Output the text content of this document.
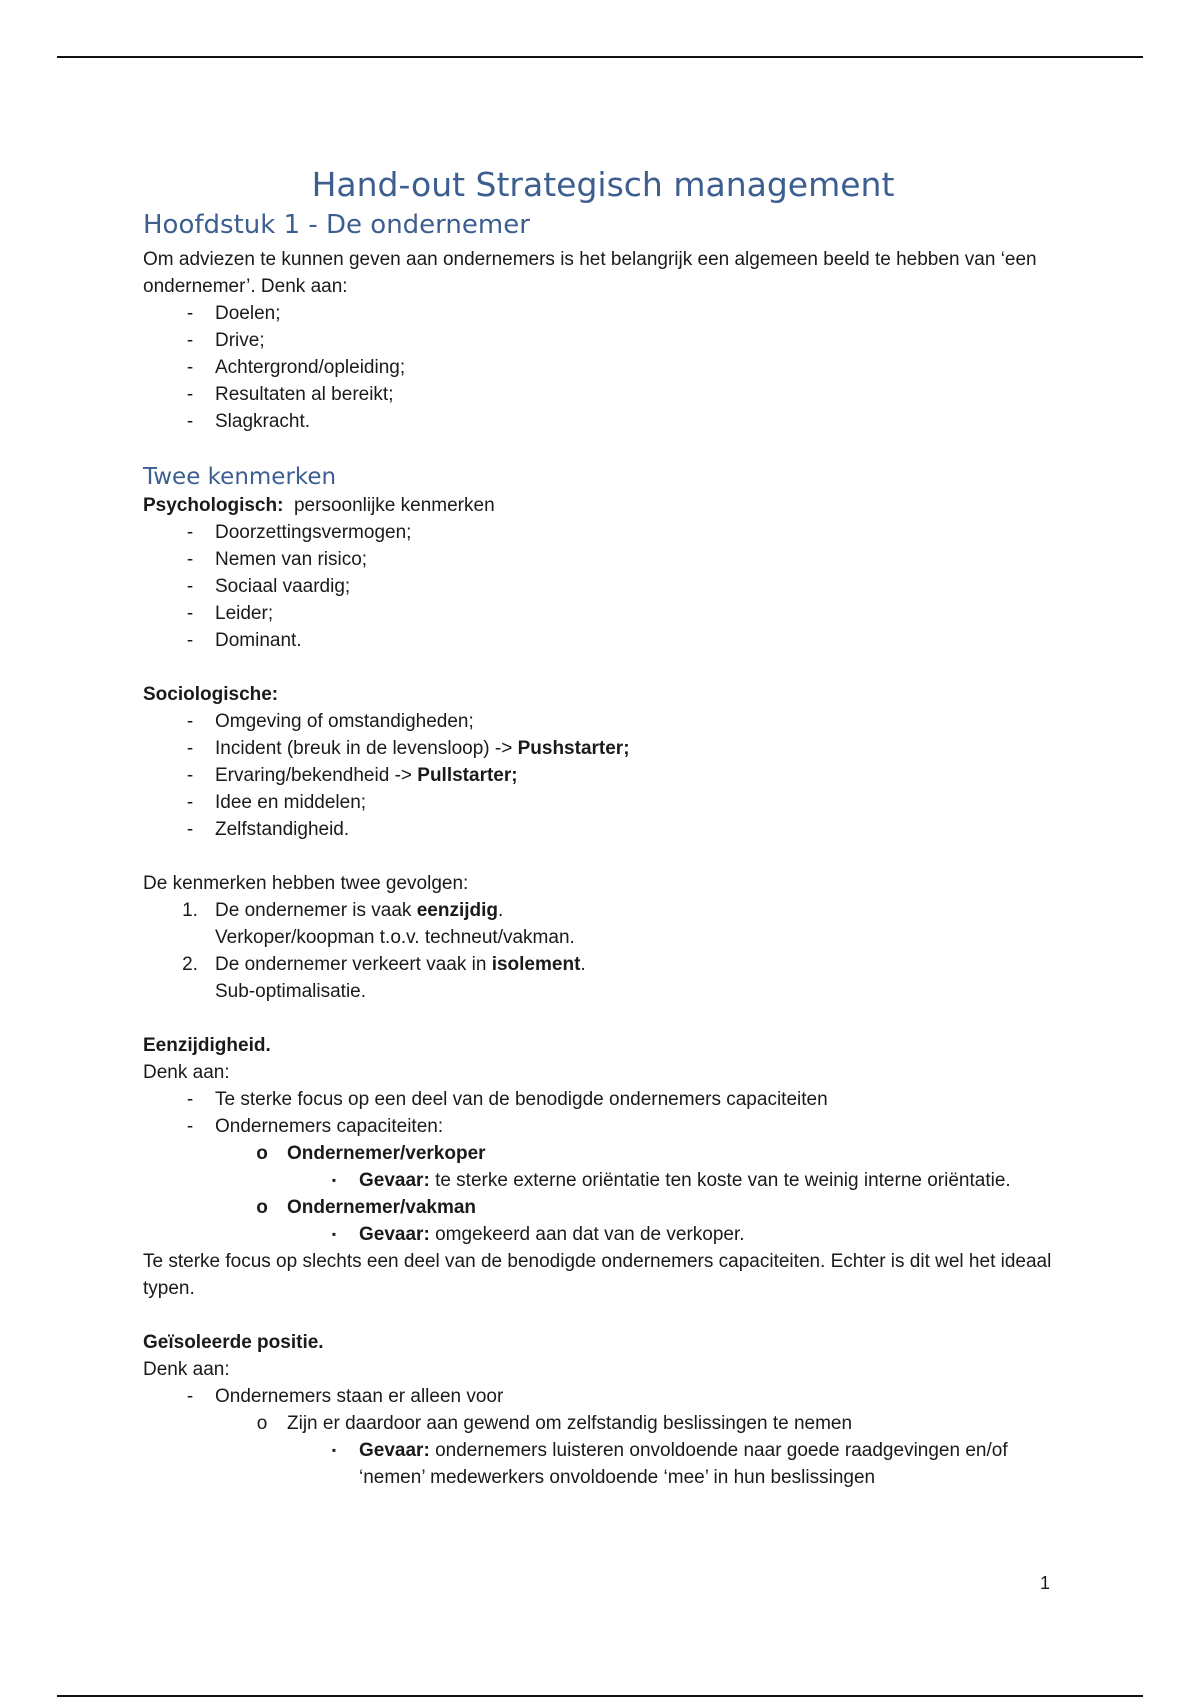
Hand-out Strategisch management
Hoofdstuk 1 - De ondernemer

Om adviezen te kunnen geven aan ondernemers is het belangrijk een algemeen beeld te hebben van ‘een ondernemer’. Denk aan:

-	Doelen;
-	Drive;
-	Achtergrond/opleiding;
-	Resultaten al bereikt;
-	Slagkracht.
Twee kenmerken

Psychologisch: persoonlijke kenmerken

-	Doorzettingsvermogen;
-	Nemen van risico;
-	Sociaal vaardig;
-	Leider;
-	Dominant.

Sociologische:

-	Omgeving of omstandigheden;
-	Incident (breuk in de levensloop) -> Pushstarter;
-	Ervaring/bekendheid -> Pullstarter;
-	Idee en middelen;
-	Zelfstandigheid.

De kenmerken hebben twee gevolgen:

1. De ondernemer is vaak eenzijdig.
Verkoper/koopman t.o.v. techneut/vakman.
2. De ondernemer verkeert vaak in isolement.
Sub-optimalisatie.

Eenzijdigheid.

Denk aan:

-	Te sterke focus op een deel van de benodigde ondernemers capaciteiten
-	Ondernemers capaciteiten:
o Ondernemer/verkoper
▪	Gevaar: te sterke externe oriëntatie ten koste van te weinig interne oriëntatie.
o Ondernemer/vakman
▪	Gevaar: omgekeerd aan dat van de verkoper.

Te sterke focus op slechts een deel van de benodigde ondernemers capaciteiten. Echter is dit wel het ideaal typen.

Geïsoleerde positie.

Denk aan:

-	Ondernemers staan er alleen voor
o	Zijn er daardoor aan gewend om zelfstandig beslissingen te nemen
▪	Gevaar: ondernemers luisteren onvoldoende naar goede raadgevingen en/of ‘nemen’ medewerkers onvoldoende ‘mee’ in hun beslissingen
1
